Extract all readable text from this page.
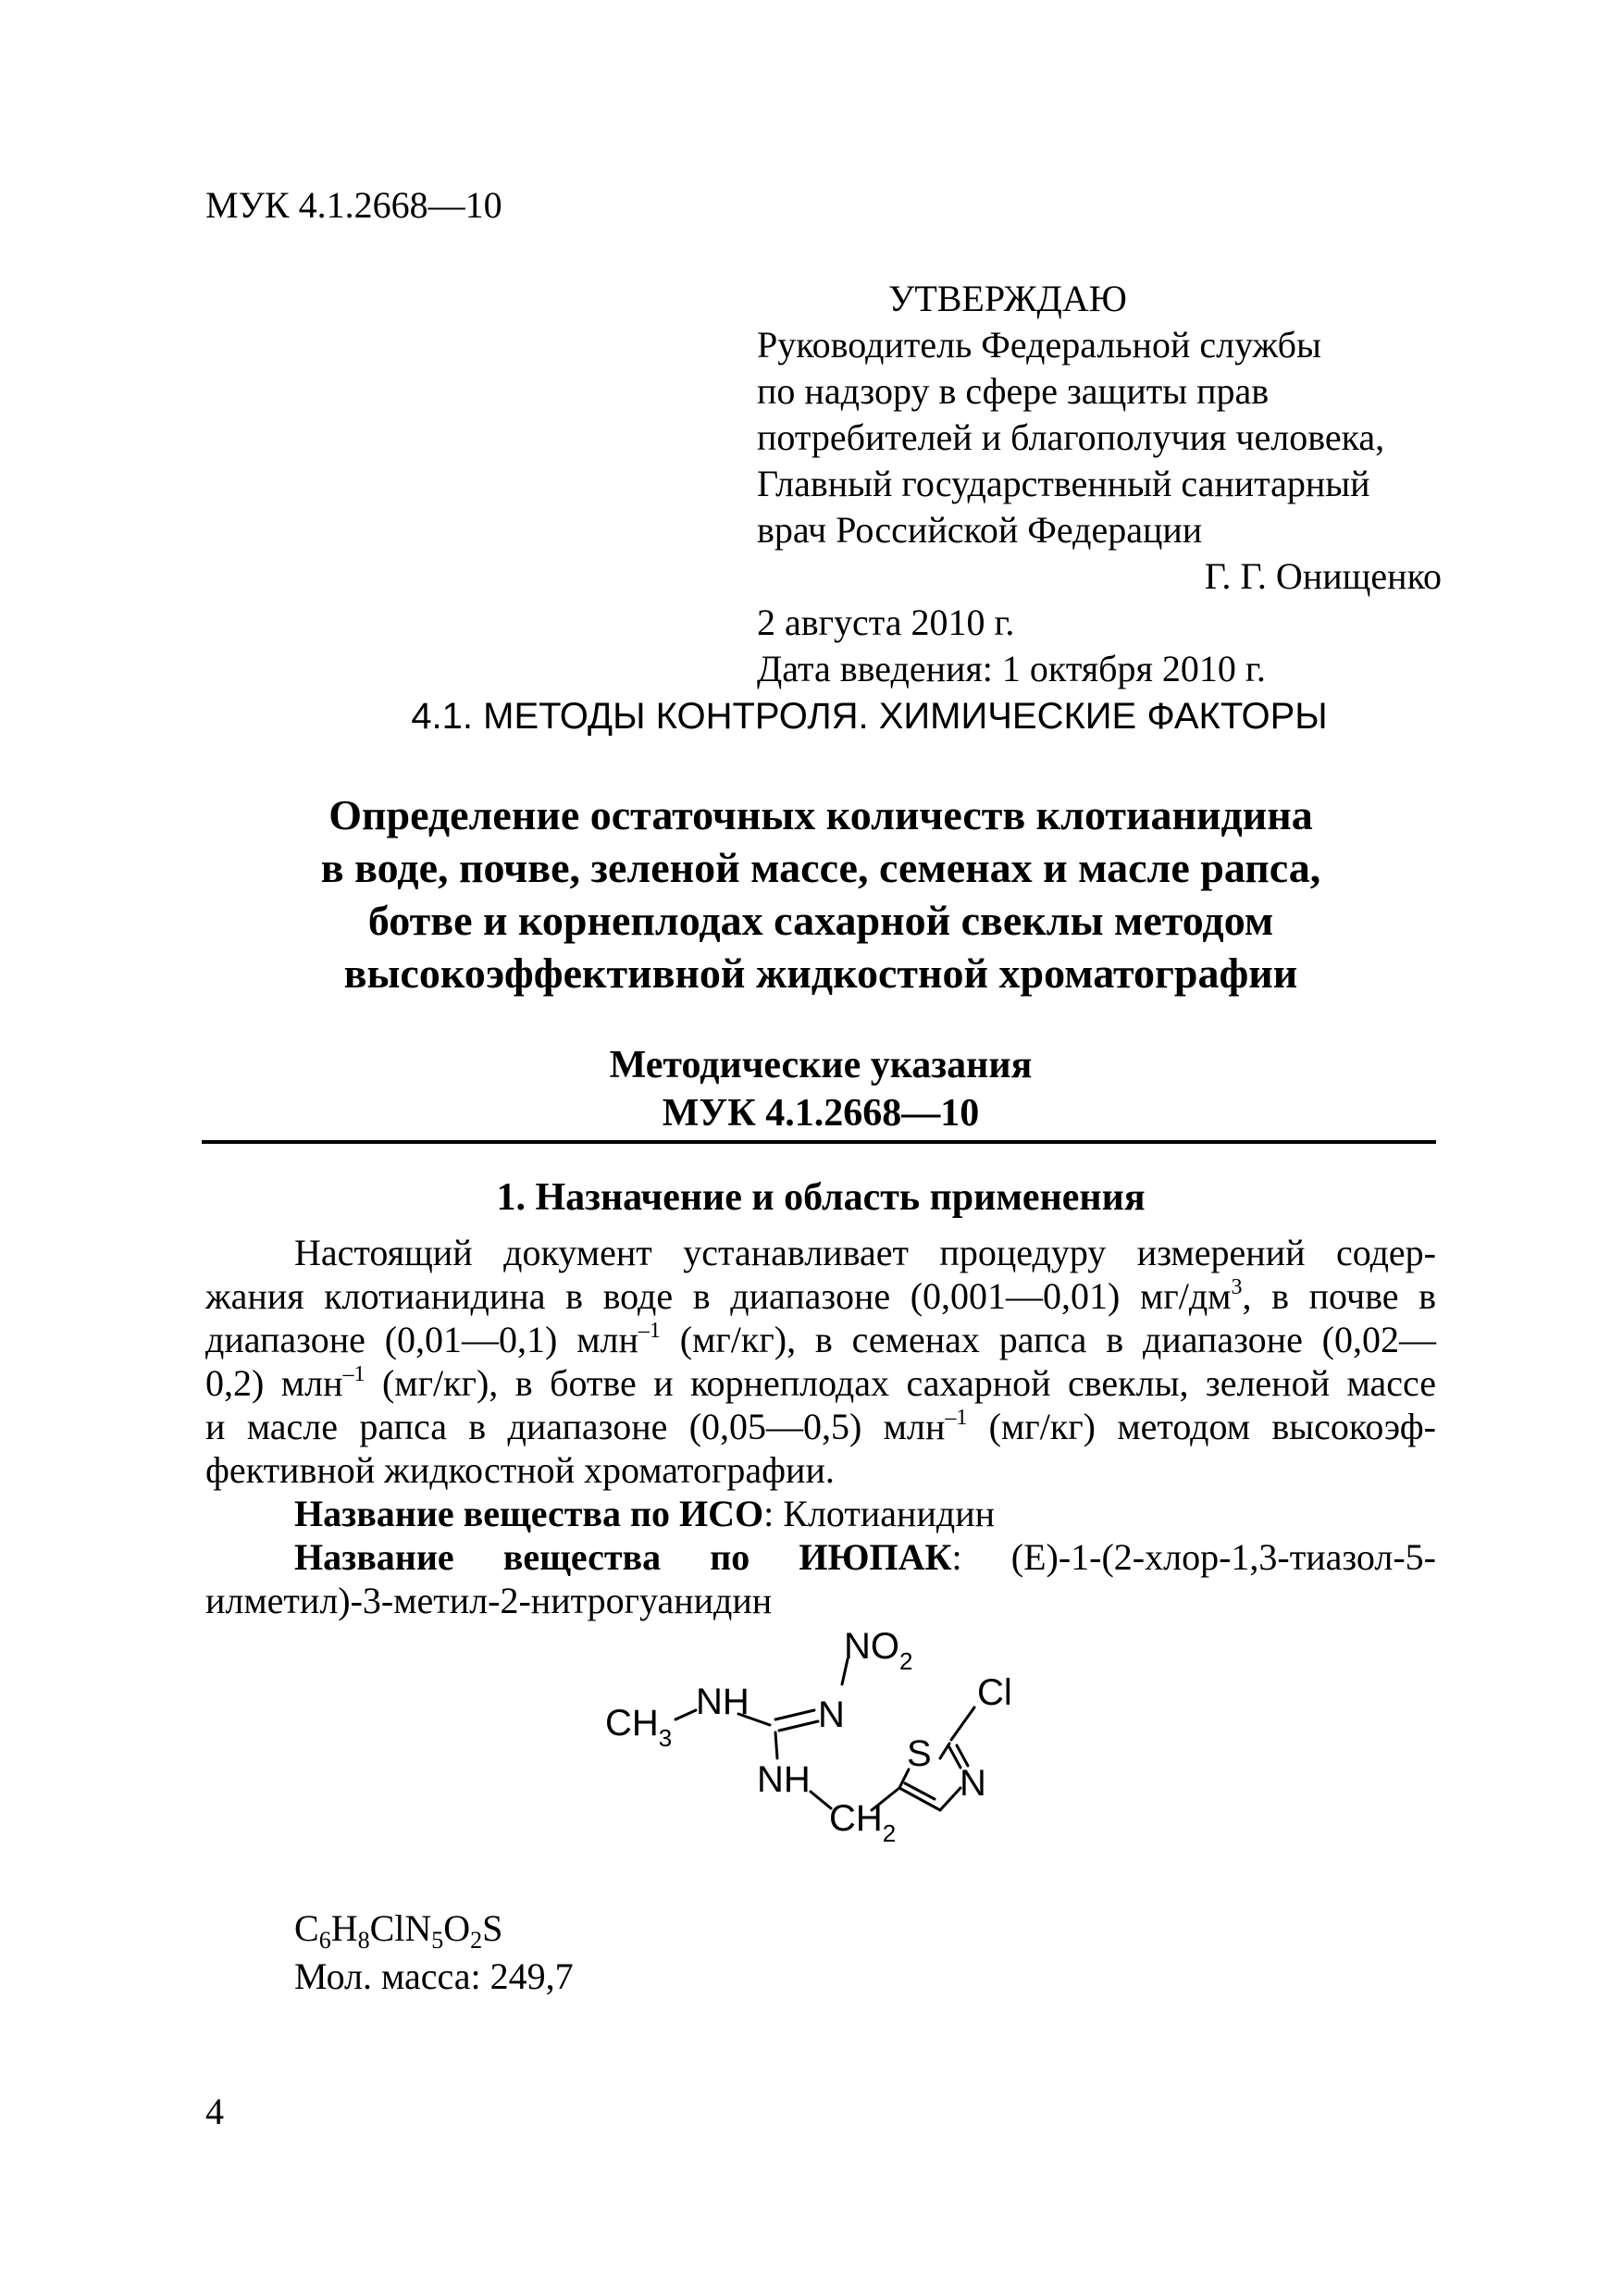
МУК 4.1.2668—10
УТВЕРЖДАЮ
Руководитель Федеральной службы
по надзору в сфере защиты прав
потребителей и благополучия человека,
Главный государственный санитарный
врач Российской Федерации
Г. Г. Онищенко
2 августа 2010 г.
Дата введения: 1 октября 2010 г.
4.1. МЕТОДЫ КОНТРОЛЯ. ХИМИЧЕСКИЕ ФАКТОРЫ
Определение остаточных количеств клотианидина
в воде, почве, зеленой массе, семенах и масле рапса,
ботве и корнеплодах сахарной свеклы методом
высокоэффективной жидкостной хроматографии
Методические указания
МУК 4.1.2668—10
1. Назначение и область применения
Настоящий документ устанавливает процедуру измерений содер-
жания клотианидина в воде в диапазоне (0,001—0,01) $мг/дм^3$, в почве в
диапазоне (0,01—0,1) млн$^{-1}$ (мг/кг), в семенах рапса в диапазоне (0,02—
0,2) млн$^{-1}$ (мг/кг), в ботве и корнеплодах сахарной свеклы, зеленой массе
и масле рапса в диапазоне (0,05—0,5) млн$^{-1}$ (мг/кг) методом высокоэф-
фективной жидкостной хроматографии.
Название вещества по ИСО: Клотианидин
Название вещества по ИЮПАК: (E)-1-(2-хлор-1,3-тиазол-5-
илметил)-3-метил-2-нитрогуанидин
$NO_2$
$CH_3$
NH N
Cl
S
N
NH
$CH_2$
$C_6H_8ClN_5O_2S$
Мол. масса: 249,7
4
